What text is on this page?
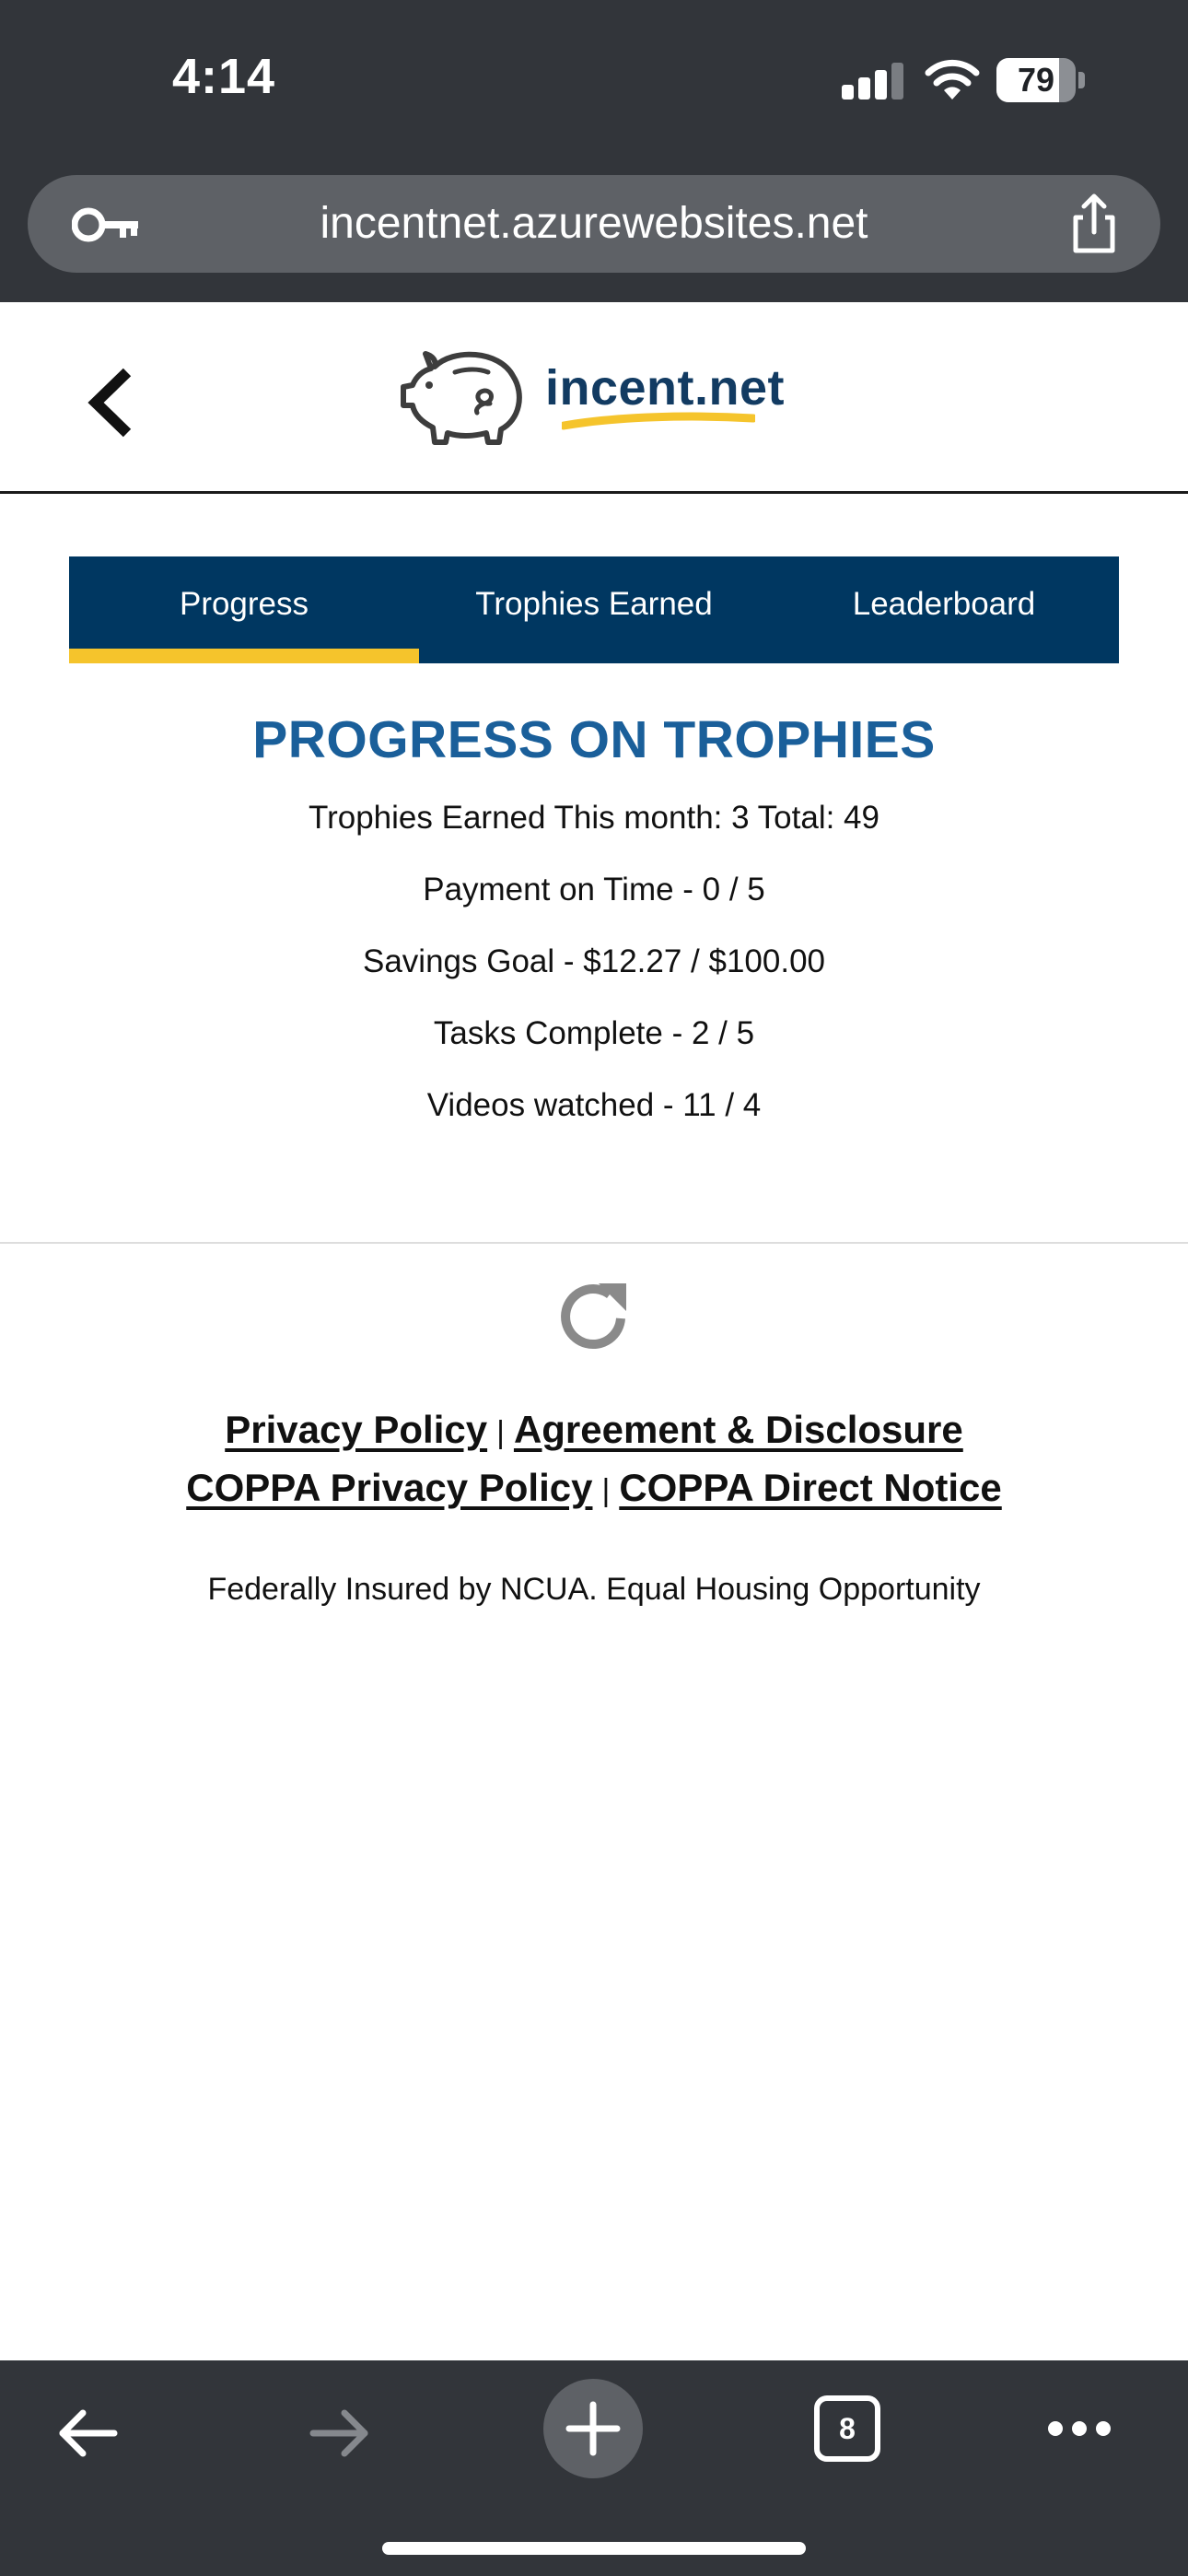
4:14	79
incentnet.azurewebsites.net
incent.net
Progress	Trophies Earned	Leaderboard
PROGRESS ON TROPHIES
Trophies Earned This month: 3 Total: 49
Payment on Time - 0 / 5
Savings Goal - $12.27 / $100.00
Tasks Complete - 2 / 5
Videos watched - 11 / 4
Privacy Policy | Agreement & Disclosure
COPPA Privacy Policy | COPPA Direct Notice
Federally Insured by NCUA. Equal Housing Opportunity
8
